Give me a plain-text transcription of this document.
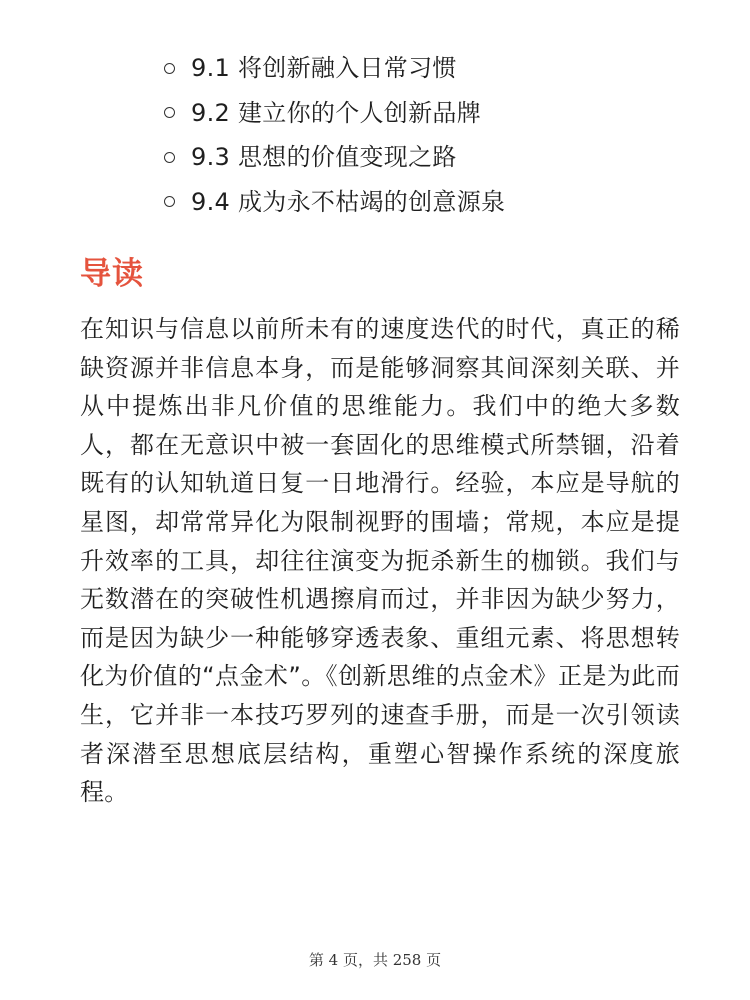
9.1 将创新融入日常习惯
9.2 建立你的个人创新品牌
9.3 思想的价值变现之路
9.4 成为永不枯竭的创意源泉
导读

在知识与信息以前所未有的速度迭代的时代，真正的稀缺资源并非信息本身，而是能够洞察其间深刻关联、并从中提炼出非凡价值的思维能力。我们中的绝大多数人，都在无意识中被一套固化的思维模式所禁锢，沿着既有的认知轨道日复一日地滑行。经验，本应是导航的星图，却常常异化为限制视野的围墙；常规，本应是提升效率的工具，却往往演变为扼杀新生的枷锁。我们与无数潜在的突破性机遇擦肩而过，并非因为缺少努力，而是因为缺少一种能够穿透表象、重组元素、将思想转化为价值的“点金术”。《创新思维的点金术》正是为此而生，它并非一本技巧罗列的速查手册，而是一次引领读者深潜至思想底层结构，重塑心智操作系统的深度旅程。

第 4 页，共 258 页
